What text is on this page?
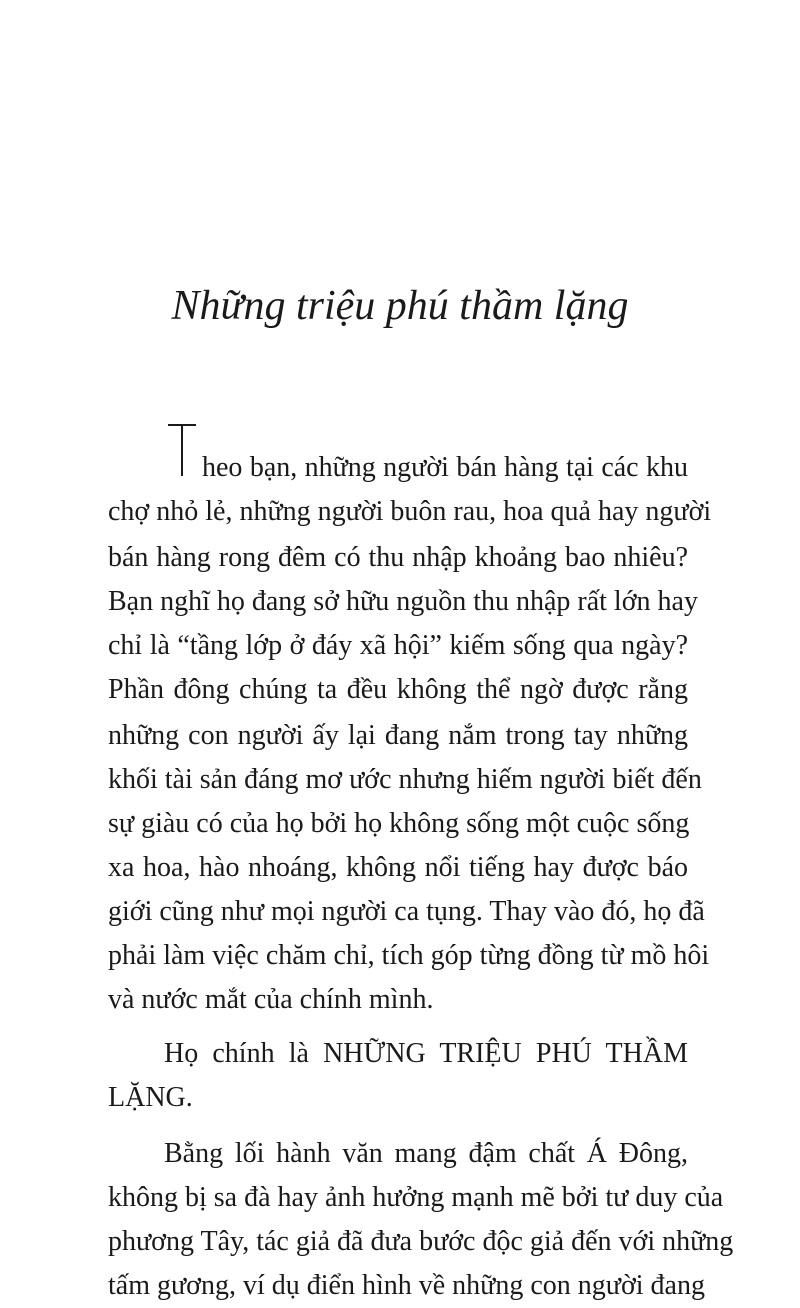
Những triệu phú thầm lặng
heo bạn, những người bán hàng tại các khu
chợ nhỏ lẻ, những người buôn rau, hoa quả hay người
bán hàng rong đêm có thu nhập khoảng bao nhiêu?
Bạn nghĩ họ đang sở hữu nguồn thu nhập rất lớn hay
chỉ là “tầng lớp ở đáy xã hội” kiếm sống qua ngày?
Phần đông chúng ta đều không thể ngờ được rằng
những con người ấy lại đang nắm trong tay những
khối tài sản đáng mơ ước nhưng hiếm người biết đến
sự giàu có của họ bởi họ không sống một cuộc sống
xa hoa, hào nhoáng, không nổi tiếng hay được báo
giới cũng như mọi người ca tụng. Thay vào đó, họ đã
phải làm việc chăm chỉ, tích góp từng đồng từ mồ hôi
và nước mắt của chính mình.
Họ chính là NHỮNG TRIỆU PHÚ THẦM
LẶNG.
Bằng lối hành văn mang đậm chất Á Đông,
không bị sa đà hay ảnh hưởng mạnh mẽ bởi tư duy của
phương Tây, tác giả đã đưa bước độc giả đến với những
tấm gương, ví dụ điển hình về những con người đang
